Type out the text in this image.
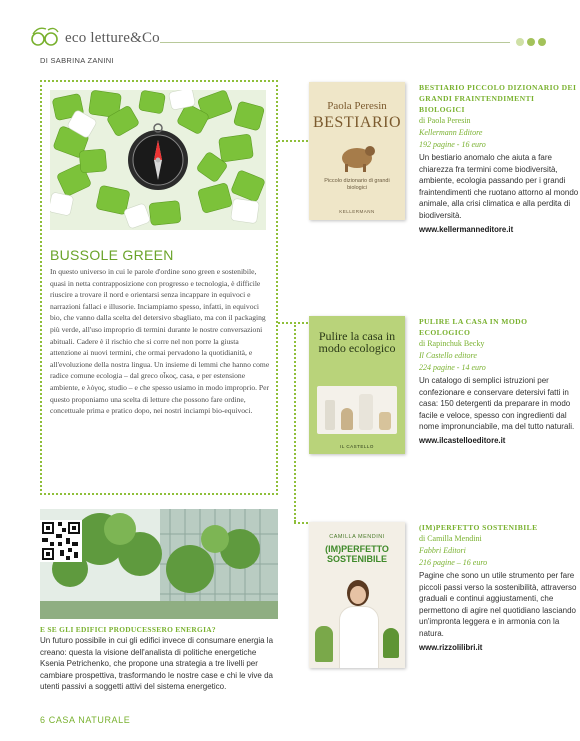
eco letture&Co
DI SABRINA ZANINI
BUSSOLE GREEN

In questo universo in cui le parole d'ordine sono green e sostenibile, quasi in netta contrapposizione con progresso e tecnologia, è difficile riuscire a trovare il nord e orientarsi senza incappare in equivoci e narrazioni fallaci e illusorie. Inciampiamo spesso, infatti, in equivoci bio, che vanno dalla scelta del detersivo sbagliato, ma con il packaging più verde, all'uso improprio di termini durante le nostre conversazioni abituali. Cadere è il rischio che si corre nel non porre la giusta attenzione ai nuovi termini, che ormai pervadono la quotidianità, e all'evoluzione della nostra lingua. Un insieme di lemmi che hanno come radice comune ecologia – dal greco οἶκος, casa, e per estensione ambiente, e λόγος, studio – e che spesso usiamo in modo improprio. Per questo proponiamo una scelta di letture che possono fare ordine, concettuale prima e pratico dopo, nei nostri inciampi bio-equivoci.

Paola Peresin
BESTIARIO
Piccolo dizionario di grandi biologici
KELLERMANN

BESTIARIO PICCOLO DIZIONARIO DEI GRANDI FRAINTENDIMENTI BIOLOGICI

di Paola Peresin

Kellermann Editore

192 pagine - 16 euro

Un bestiario anomalo che aiuta a fare chiarezza fra termini come biodiversità, ambiente, ecologia passando per i grandi fraintendimenti che ruotano attorno al mondo animale, alla crisi climatica e alla perdita di biodiversità.

www.kellermanneditore.it

Pulire la casa in modo ecologico
IL CASTELLO

PULIRE LA CASA IN MODO ECOLOGICO

di Rapinchuk Becky

Il Castello editore

224 pagine - 14 euro

Un catalogo di semplici istruzioni per confezionare e conservare detersivi fatti in casa: 150 detergenti da preparare in modo facile e veloce, spesso con ingredienti dal nome impronunciabile, ma del tutto naturali.

www.ilcastelloeditore.it

CAMILLA MENDINI
(IM)PERFETTO SOSTENIBILE

(IM)PERFETTO SOSTENIBILE

di Camilla Mendini

Fabbri Editori

216 pagine – 16 euro

Pagine che sono un utile strumento per fare piccoli passi verso la sostenibilità, attraverso graduali e continui aggiustamenti, che permettono di agire nel quotidiano lasciando un'impronta leggera e in armonia con la natura.

www.rizzolilibri.it

E SE GLI EDIFICI PRODUCESSERO ENERGIA?

Un futuro possibile in cui gli edifici invece di consumare energia la creano: questa la visione dell'analista di politiche energetiche Ksenia Petrichenko, che propone una strategia a tre livelli per cambiare prospettiva, trasformando le nostre case e chi le vive da utenti passivi a soggetti attivi del sistema energetico.

6 CASA NATURALE
